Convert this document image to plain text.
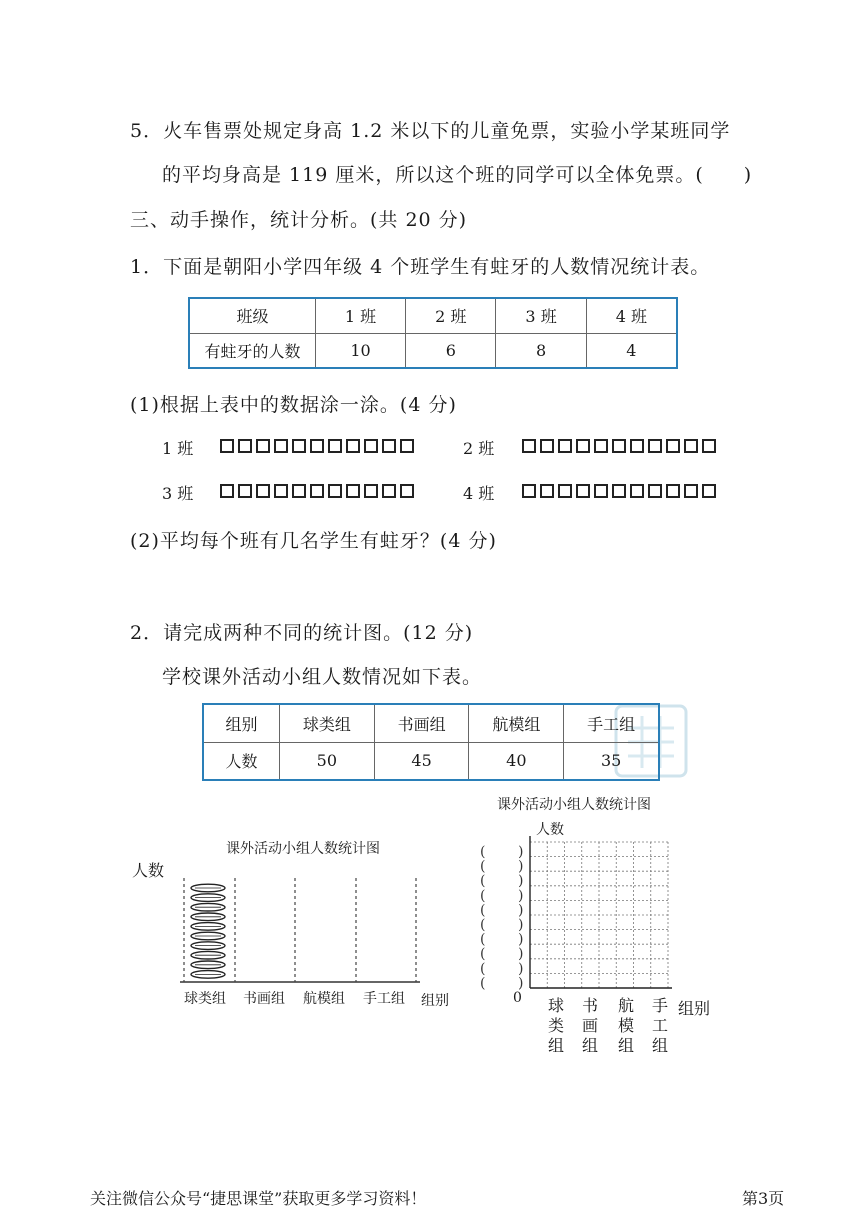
5．火车售票处规定身高 1.2 米以下的儿童免票，实验小学某班同学
的平均身高是 119 厘米，所以这个班的同学可以全体免票。(　　)
三、动手操作，统计分析。(共 20 分)
1．下面是朝阳小学四年级 4 个班学生有蛀牙的人数情况统计表。
班级	1 班	2 班	3 班	4 班
有蛀牙的人数	10	6	8	4
(1)根据上表中的数据涂一涂。(4 分)
1 班	2 班
3 班	4 班
(2)平均每个班有几名学生有蛀牙？(4 分)
2．请完成两种不同的统计图。(12 分)
学校课外活动小组人数情况如下表。
组别	球类组	书画组	航模组	手工组
人数	50	45	40	35
课外活动小组人数统计图
人数
球类组 书画组 航模组 手工组 组别
课外活动小组人数统计图
人数
( )
( )
( )
( )
( )
( )
( )
( )
( )
( )
0 球
类
组
书
画
组
航
模
组
手
工
组
组别
关注微信公众号“捷思课堂”获取更多学习资料！	第3页
